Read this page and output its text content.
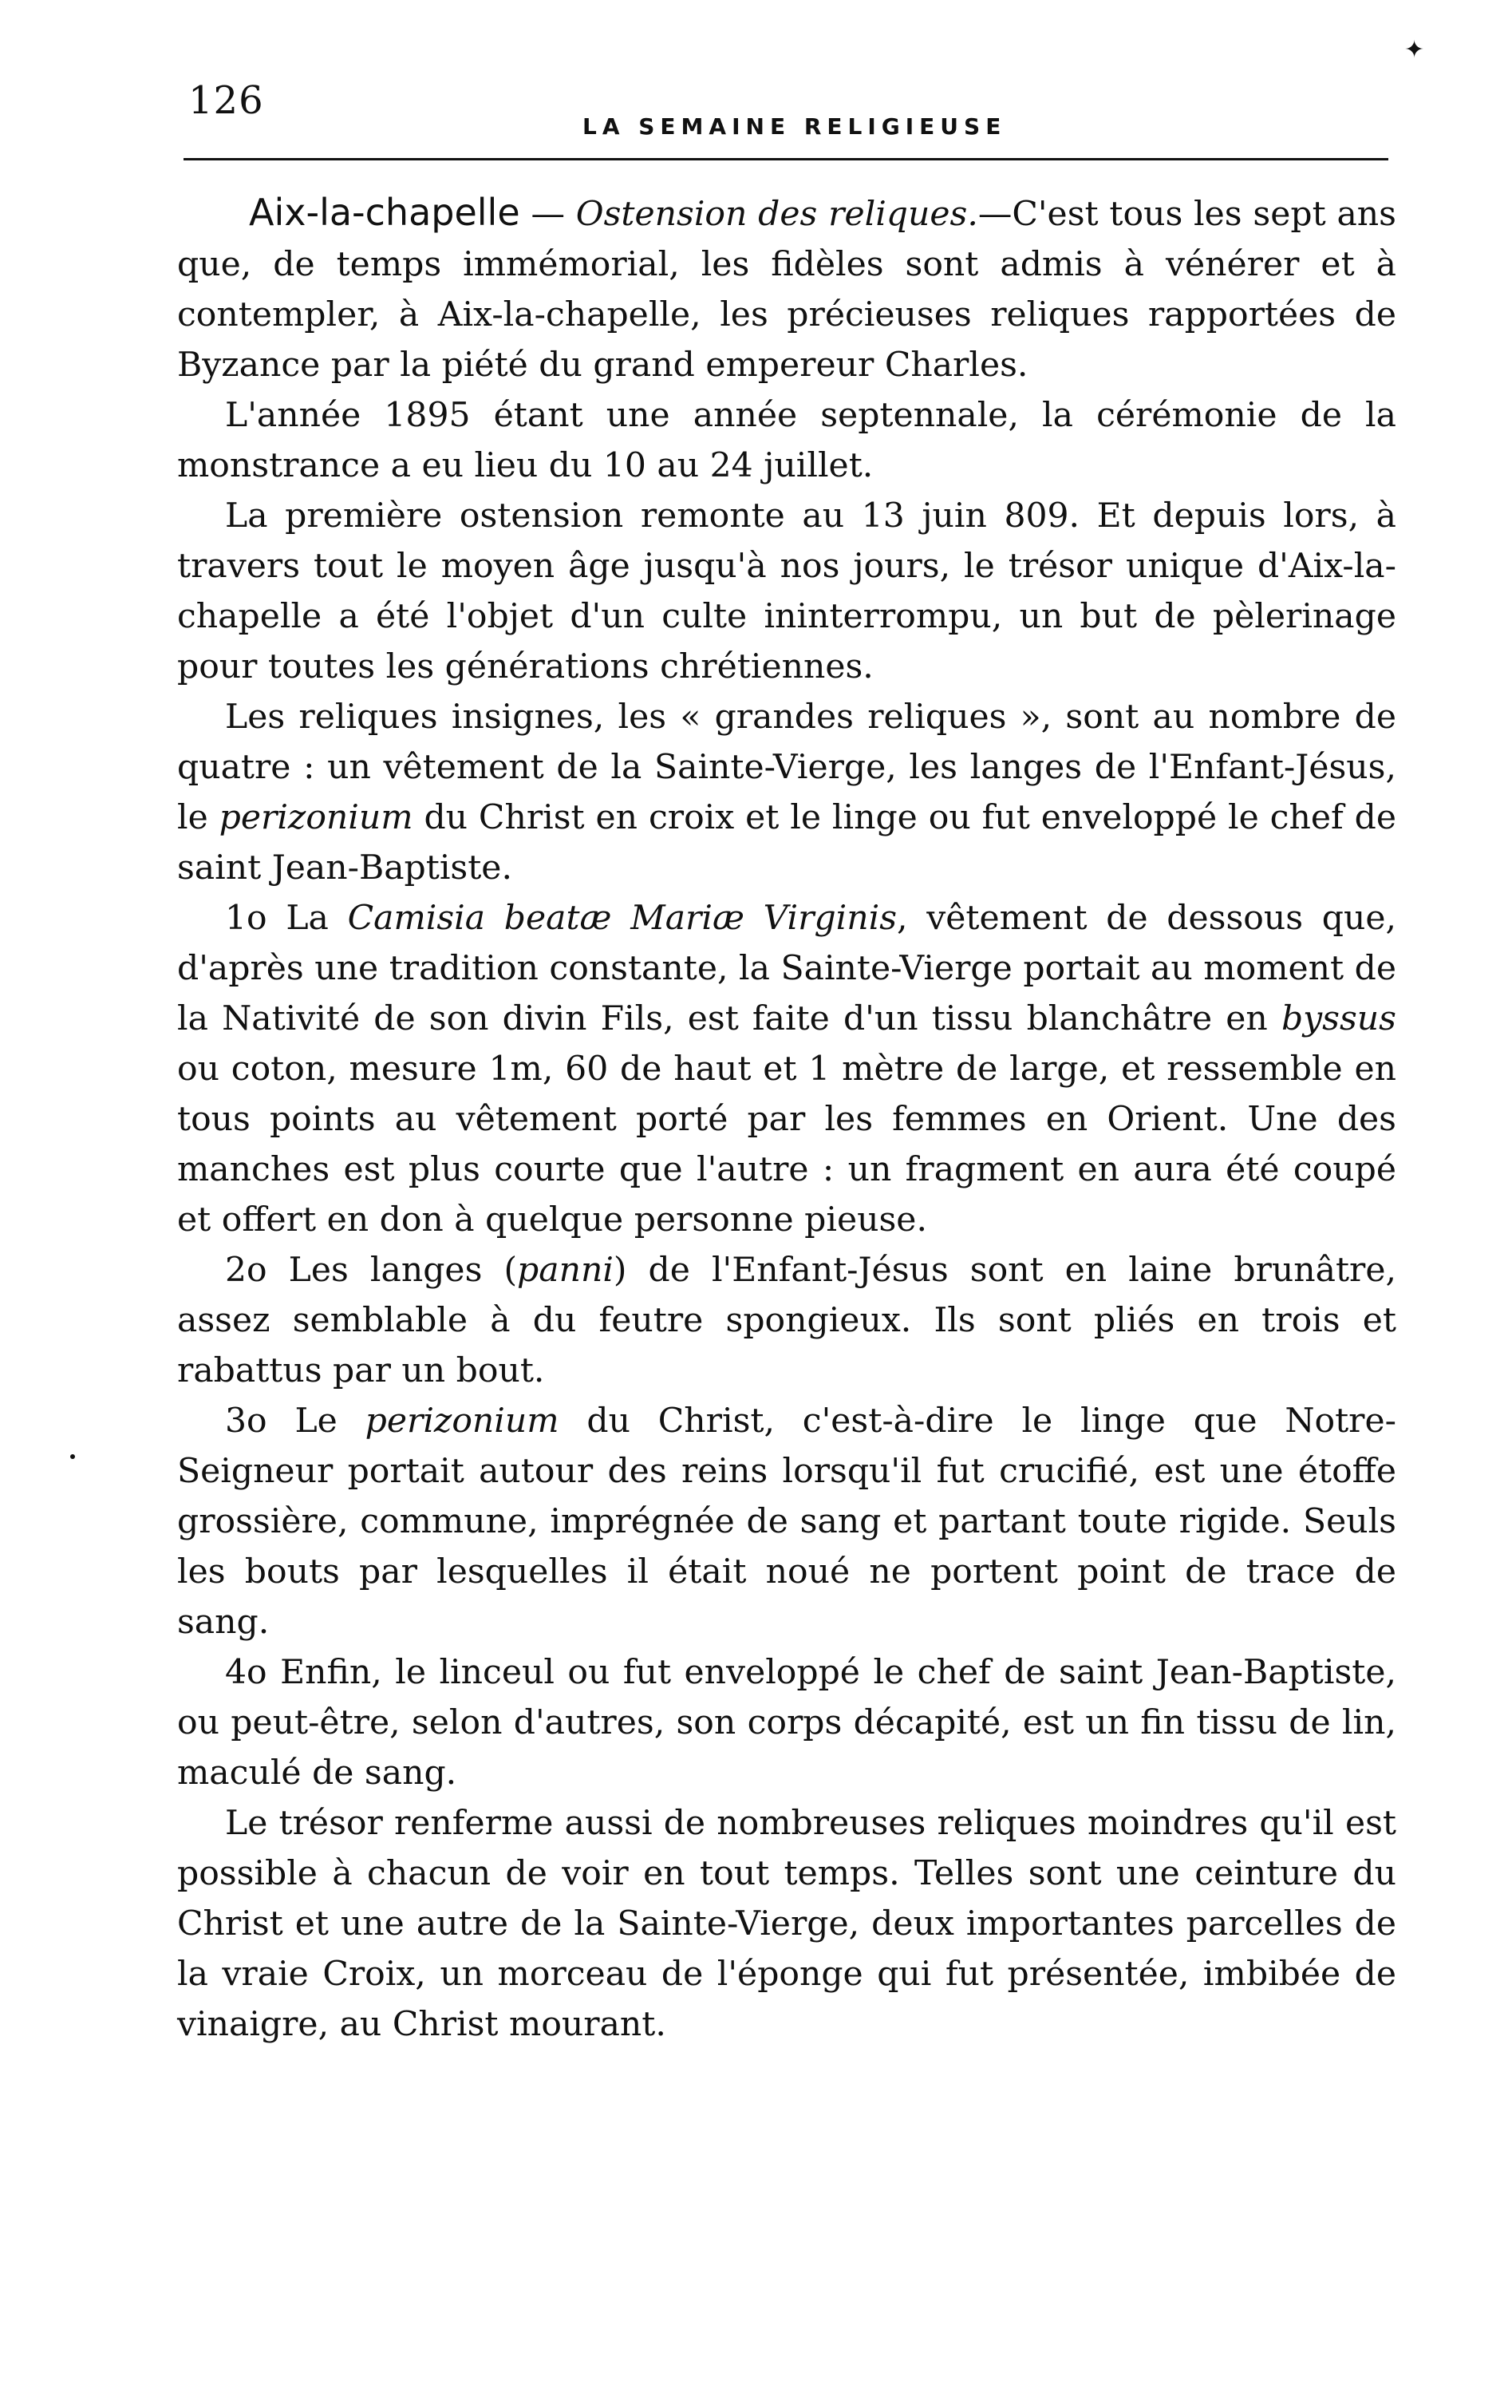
✦
126
LA SEMAINE RELIGIEUSE

Aix-la-chapelle — Ostension des reliques.—C'est tous les sept ans que, de temps immémorial, les fidèles sont admis à vénérer et à contempler, à Aix-la-chapelle, les précieuses reliques rapportées de Byzance par la piété du grand empereur Charles.

L'année 1895 étant une année septennale, la cérémonie de la monstrance a eu lieu du 10 au 24 juillet.

La première ostension remonte au 13 juin 809. Et depuis lors, à travers tout le moyen âge jusqu'à nos jours, le trésor unique d'Aix-la-chapelle a été l'objet d'un culte ininterrompu, un but de pèlerinage pour toutes les générations chrétiennes.

Les reliques insignes, les « grandes reliques », sont au nombre de quatre : un vêtement de la Sainte-Vierge, les langes de l'Enfant-Jésus, le perizonium du Christ en croix et le linge ou fut enveloppé le chef de saint Jean-Baptiste.

1o La Camisia beatæ Mariæ Virginis, vêtement de dessous que, d'après une tradition constante, la Sainte-Vierge portait au moment de la Nativité de son divin Fils, est faite d'un tissu blanchâtre en byssus ou coton, mesure 1m, 60 de haut et 1 mètre de large, et ressemble en tous points au vêtement porté par les femmes en Orient. Une des manches est plus courte que l'autre : un fragment en aura été coupé et offert en don à quelque personne pieuse.

2o Les langes (panni) de l'Enfant-Jésus sont en laine brunâtre, assez semblable à du feutre spongieux. Ils sont pliés en trois et rabattus par un bout.

3o Le perizonium du Christ, c'est-à-dire le linge que Notre-Seigneur portait autour des reins lorsqu'il fut crucifié, est une étoffe grossière, commune, imprégnée de sang et partant toute rigide. Seuls les bouts par lesquelles il était noué ne portent point de trace de sang.

4o Enfin, le linceul ou fut enveloppé le chef de saint Jean-Baptiste, ou peut-être, selon d'autres, son corps décapité, est un fin tissu de lin, maculé de sang.

Le trésor renferme aussi de nombreuses reliques moindres qu'il est possible à chacun de voir en tout temps. Telles sont une ceinture du Christ et une autre de la Sainte-Vierge, deux importantes parcelles de la vraie Croix, un morceau de l'éponge qui fut présentée, imbibée de vinaigre, au Christ mourant.
